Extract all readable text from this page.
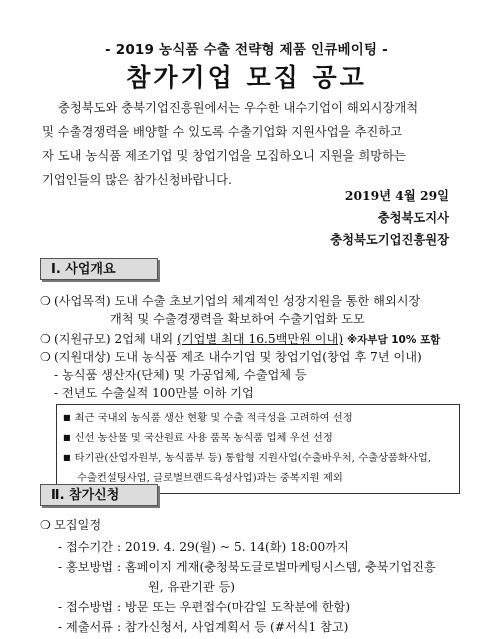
- 2019 농식품 수출 전략형 제품 인큐베이팅 -
참가기업 모집 공고

충청북도와 충북기업진흥원에서는 우수한 내수기업이 해외시장개척

및 수출경쟁력을 배양할 수 있도록 수출기업화 지원사업을 추진하고

자 도내 농식품 제조기업 및 창업기업을 모집하오니 지원을 희망하는

기업인들의 많은 참가신청바랍니다.

2019년 4월 29일
충청북도지사
충청북도기업진흥원장
Ⅰ. 사업개요
❍ (사업목적) 도내 수출 초보기업의 체계적인 성장지원을 통한 해외시장
개척 및 수출경쟁력을 확보하여 수출기업화 도모
❍ (지원규모) 2업체 내외 (기업별 최대 16.5백만원 이내) ※자부담 10% 포함
❍ (지원대상) 도내 농식품 제조 내수기업 및 창업기업(창업 후 7년 이내)
- 농식품 생산자(단체) 및 가공업체, 수출업체 등
- 전년도 수출실적 100만불 이하 기업
■ 최근 국내외 농식품 생산 현황 및 수출 적극성을 고려하여 선정
■ 신선 농산물 및 국산원료 사용 품목 농식품 업체 우선 선정
■ 타기관(산업자원부, 농식품부 등) 통합형 지원사업(수출바우처, 수출상품화사업,
수출컨설팅사업, 글로벌브랜드육성사업)과는 중복지원 제외
Ⅱ. 참가신청
❍ 모집일정
- 접수기간 : 2019. 4. 29(월) ~ 5. 14(화) 18:00까지
- 홍보방법 : 홈페이지 게재(충청북도글로벌마케팅시스템, 충북기업진흥
원, 유관기관 등)
- 접수방법 : 방문 또는 우편접수(마감일 도착분에 한함)
- 제출서류 : 참가신청서, 사업계획서 등 (#서식1 참고)
